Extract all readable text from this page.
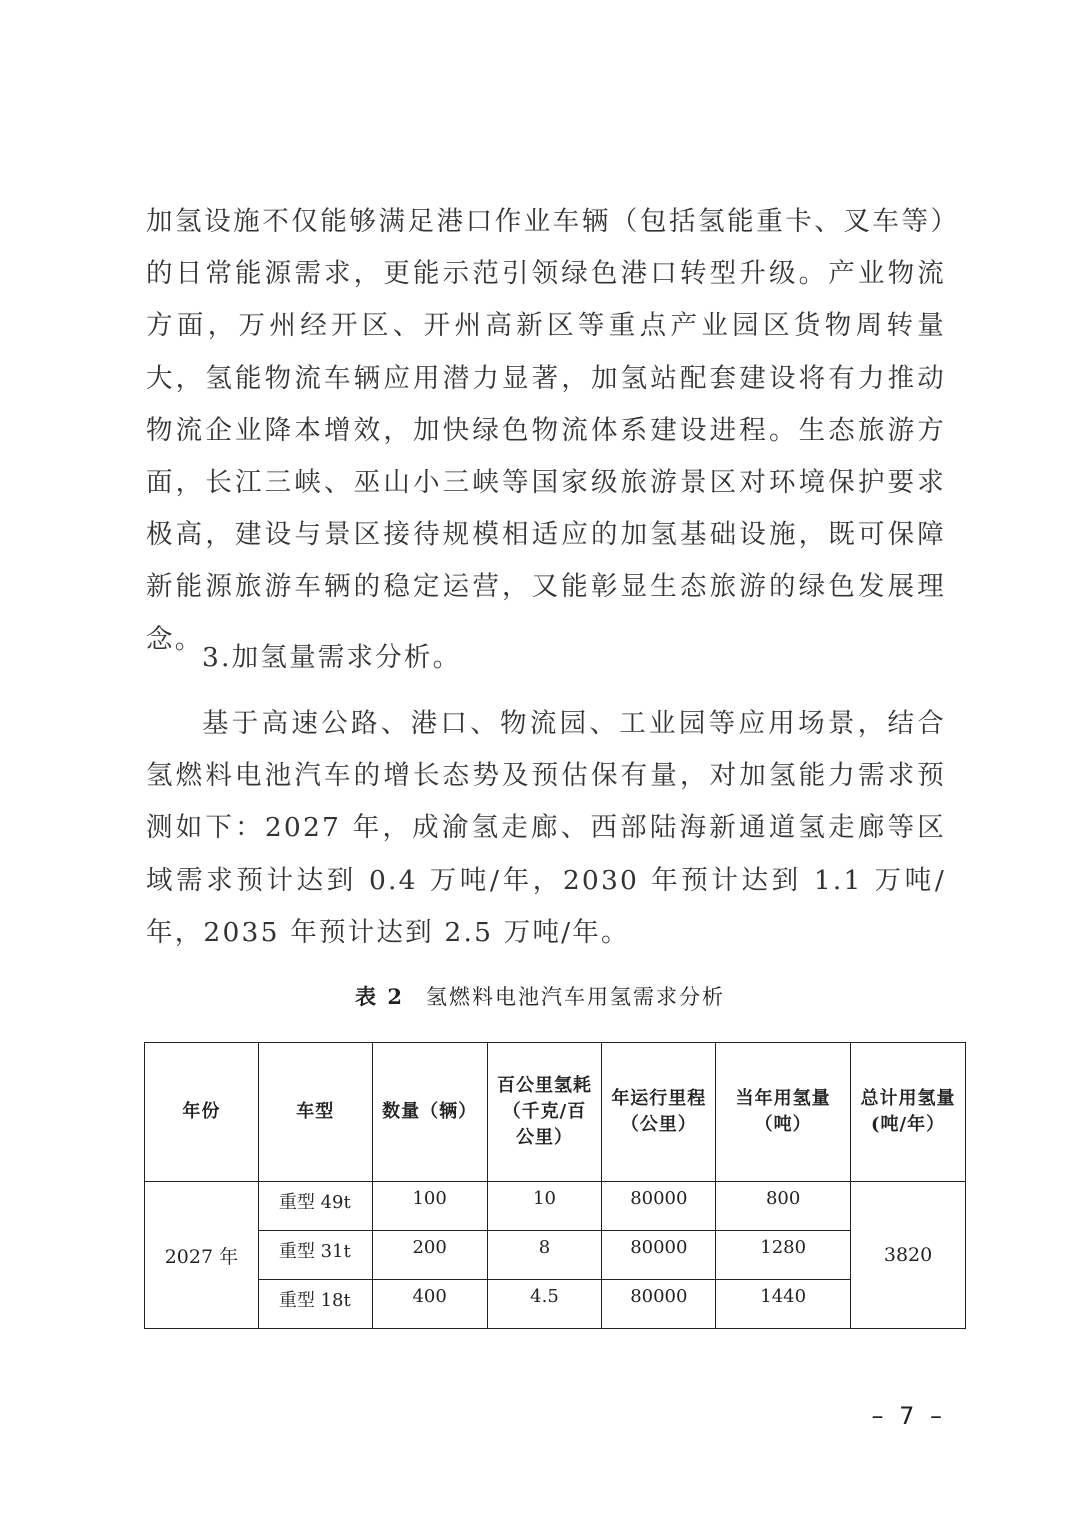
加氢设施不仅能够满足港口作业车辆（包括氢能重卡、叉车等）的日常能源需求，更能示范引领绿色港口转型升级。产业物流方面，万州经开区、开州高新区等重点产业园区货物周转量大，氢能物流车辆应用潜力显著，加氢站配套建设将有力推动物流企业降本增效，加快绿色物流体系建设进程。生态旅游方面，长江三峡、巫山小三峡等国家级旅游景区对环境保护要求极高，建设与景区接待规模相适应的加氢基础设施，既可保障新能源旅游车辆的稳定运营，又能彰显生态旅游的绿色发展理念。
3.加氢量需求分析。
基于高速公路、港口、物流园、工业园等应用场景，结合氢燃料电池汽车的增长态势及预估保有量，对加氢能力需求预测如下：2027 年，成渝氢走廊、西部陆海新通道氢走廊等区域需求预计达到 0.4 万吨/年，2030 年预计达到 1.1 万吨/年，2035 年预计达到 2.5 万吨/年。
表 2 氢燃料电池汽车用氢需求分析
年份	车型	数量（辆）	百公里氢耗（千克/百公里）	年运行里程（公里）	当年用氢量（吨）	总计用氢量(吨/年）
2027 年	重型 49t	100	10	80000	800	3820
	重型 31t	200	8	80000	1280	
	重型 18t	400	4.5	80000	1440	
– 7 –
